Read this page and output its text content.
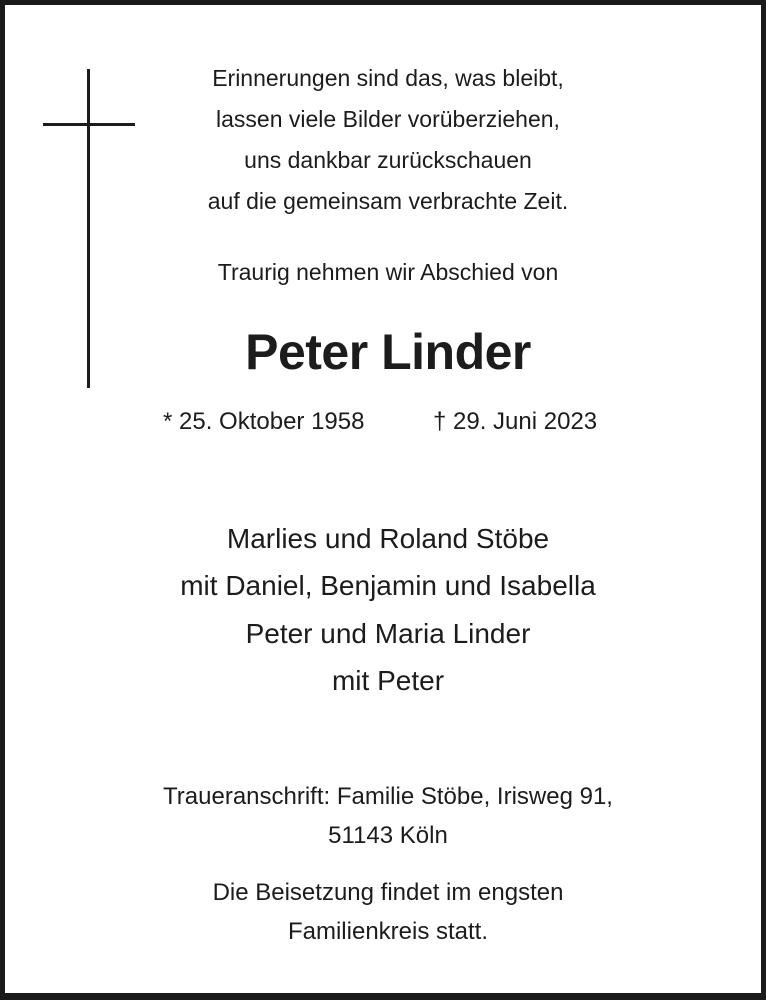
Erinnerungen sind das, was bleibt,
lassen viele Bilder vorüberziehen,
uns dankbar zurückschauen
auf die gemeinsam verbrachte Zeit.
Traurig nehmen wir Abschied von
Peter Linder
* 25. Oktober 1958	† 29. Juni 2023
Marlies und Roland Stöbe
mit Daniel, Benjamin und Isabella
Peter und Maria Linder
mit Peter
Traueranschrift: Familie Stöbe, Irisweg 91,
51143 Köln
Die Beisetzung findet im engsten
Familienkreis statt.
